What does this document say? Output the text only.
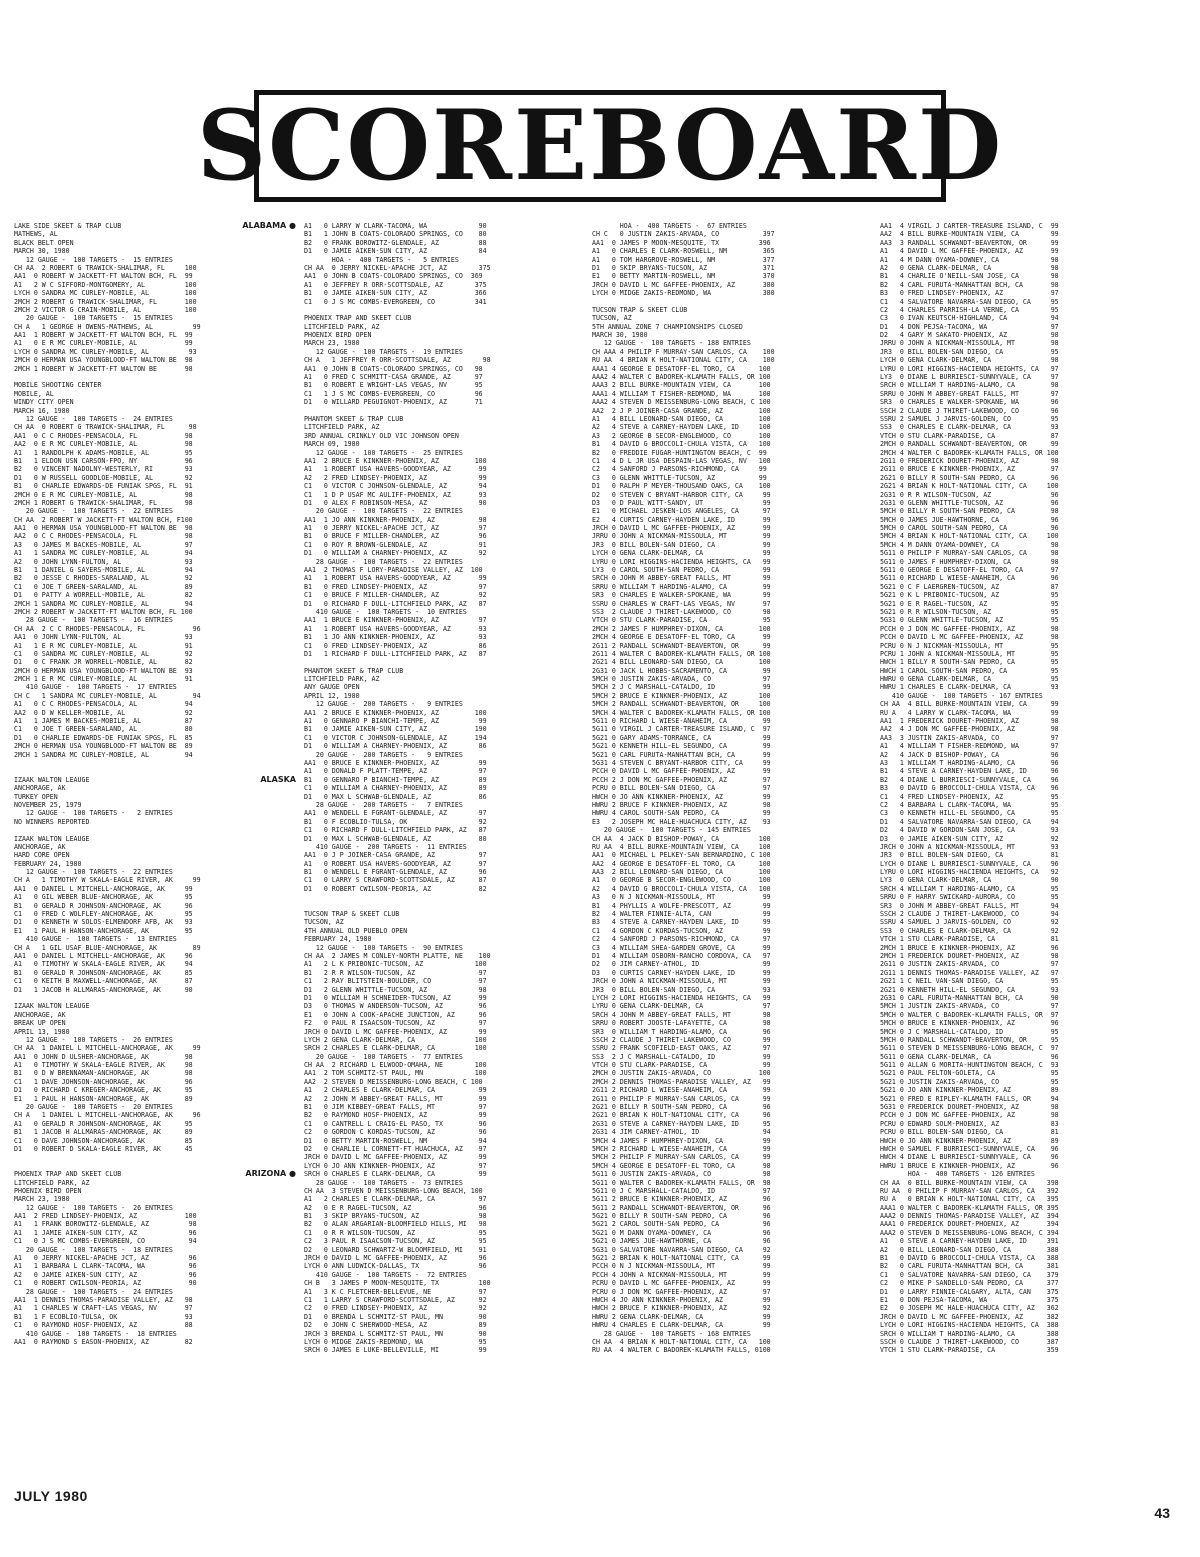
SCOREBOARD
LAKE SIDE SKEET & TRAP CLUB	ALABAMA ●
MATHEWS, AL
BLACK BELT OPEN
MARCH 30, 1980
12 GAUGE -  100 TARGETS -  15 ENTRIES
CH AA  2 ROBERT G TRAWICK-SHALIMAR, FL     100
AA1  0 ROBERT W JACKETT-FT WALTON BCH, FL  99
A1   2 W C SIFFORD-MONTGOMERY, AL          100
LYCH 0 SANDRA MC CURLEY-MOBILE, AL         100
2MCH 2 ROBERT G TRAWICK-SHALIMAR, FL       100
2MCH 2 VICTOR G CRAIN-MOBILE, AL           100
20 GAUGE -  100 TARGETS -  15 ENTRIES
CH A   1 GEORGE H OWENS-MATHEWS, AL          99
AA1  1 ROBERT W JACKETT-FT WALTON BCH, FL  99
A1   0 E R MC CURLEY-MOBILE, AL            99
LYCH 0 SANDRA MC CURLEY-MOBILE, AL          93
2MCH 0 HERMAN USA YOUNGBLOOD-FT WALTON BE  98
2MCH 1 ROBERT W JACKETT-FT WALTON BE       98
MOBILE SHOOTING CENTER
MOBILE, AL
WINDY CITY OPEN
MARCH 16, 1980
12 GAUGE -  100 TARGETS -  24 ENTRIES
CH AA  0 ROBERT G TRAWICK-SHALIMAR, FL      98
AA1  0 C C RHODES-PENSACOLA, FL            98
AA2  0 E R MC CURLEY-MOBILE, AL            98
A1   1 RANDOLPH K ADAMS-MOBILE, AL         95
B1   1 ELDON USN CARSON-FPO, NY            96
B2   0 VINCENT NADOLNY-WESTERLY, RI        93
D1   0 W RUSSELL GOODLOE-MOBILE, AL        92
B1   0 CHARLIE EDWARDS-DE FUNIAK SPGS, FL  91
2MCH 0 E R MC CURLEY-MOBILE, AL            98
2MCH 1 ROBERT G TRAWICK-SHALIMAR, FL       98
20 GAUGE -  100 TARGETS -  22 ENTRIES
CH AA  2 ROBERT W JACKETT-FT WALTON BCH, F100
AA1  0 HERMAN USA YOUNGBLOOD-FT WALTON BE  98
AA2  0 C C RHODES-PENSACOLA, FL            98
A3   0 JAMES M BACKES-MOBILE, AL           97
A1   1 SANDRA MC CURLEY-MOBILE, AL         94
A2   0 JOHN LYNN-FULTON, AL                93
B1   1 DANIEL G SAYERS-MOBILE, AL          94
B2   0 JESSE C RHODES-SARALAND, AL         92
C1   0 JOE T GREEN-SARALAND, AL            89
D1   0 PATTY A WORRELL-MOBILE, AL          82
2MCH 1 SANDRA MC CURLEY-MOBILE, AL         94
2MCH 2 ROBERT W JACKETT-FT WALTON BCH, FL 100
28 GAUGE -  100 TARGETS -  16 ENTRIES
CH AA  2 C C RHODES-PENSACOLA, FL            96
AA1  0 JOHN LYNN-FULTON, AL                93
A1   1 E R MC CURLEY-MOBILE, AL            91
C1   0 SANDRA MC CURLEY-MOBILE, AL         92
D1   0 C FRANK JR WORRELL-MOBILE, AL       82
2MCH 0 HERMAN USA YOUNGBLOOD-FT WALTON BE  93
2MCH 1 E R MC CURLEY-MOBILE, AL            91
410 GAUGE -  100 TARGETS -  17 ENTRIES
CH C   1 SANDRA MC CURLEY-MOBILE, AL         94
A1   0 C C RHODES-PENSACOLA, AL            94
AA2  0 D W KELLER-MOBILE, AL               92
A1   1 JAMES M BACKES-MOBILE, AL           87
C1   0 JOE T GREEN-SARALAND, AL            80
D1   0 CHARLIE EDWARDS-DE FUNIAK SPGS, FL  85
2MCH 0 HERMAN USA YOUNGBLOOD-FT WALTON BE  89
2MCH 1 SANDRA MC CURLEY-MOBILE, AL         94
IZAAK WALTON LEAUGE	ALASKA
ANCHORAGE, AK
TURKEY OPEN
NOVEMBER 25, 1979
12 GAUGE -  100 TARGETS -   2 ENTRIES
NO WINNERS REPORTED
IZAAK WALTON LEAUGE
ANCHORAGE, AK
HARD CORE OPEN
FEBRUARY 24, 1980
12 GAUGE -  100 TARGETS -  22 ENTRIES
CH A   1 TIMOTHY W SKALA-EAGLE RIVER, AK     99
AA1  0 DANIEL L MITCHELL-ANCHORAGE, AK     99
A1   0 GIL WEBER BLUE-ANCHORAGE, AK        95
B1   0 GERALD R JOHNSON-ANCHORAGE, AK      96
C1   0 FRED C WOLFLEY-ANCHORAGE, AK        95
D1   0 KENNETH W SOLOS-ELMENDORF AFB, AK   93
E1   1 PAUL H HANSON-ANCHORAGE, AK         95
410 GAUGE -  100 TARGETS -  13 ENTRIES
CH A   1 GIL USAF BLUE-ANCHORAGE, AK         89
AA1  0 DANIEL L MITCHELL-ANCHORAGE, AK     96
A1   0 TIMOTHY W SKALA-EAGLE RIVER, AK     94
B1   0 GERALD R JOHNSON-ANCHORAGE, AK      85
C1   0 KEITH B MAXWELL-ANCHORAGE, AK       87
D1   1 JACOB H ALLMARAS-ANCHORAGE, AK      90
IZAAK WALTON LEAUGE
ANCHORAGE, AK
BREAK UP OPEN
APRIL 13, 1980
12 GAUGE -  100 TARGETS -  26 ENTRIES
CH AA  1 DANIEL L MITCHELL-ANCHORAGE, AK     99
AA1  0 JOHN D ULSHER-ANCHORAGE, AK         98
A1   0 TIMOTHY W SKALA-EAGLE RIVER, AK     98
B1   0 D W BRENNAMAN-ANCHORAGE, AK         98
C1   1 DAVE JOHNSON-ANCHORAGE, AK          96
D1   0 RICHARD C KREGER-ANCHORAGE, AK      95
E1   1 PAUL H HANSON-ANCHORAGE, AK         89
20 GAUGE -  100 TARGETS -  20 ENTRIES
CH A   1 DANIEL L MITCHELL-ANCHORAGE, AK     96
A1   0 GERALD R JOHNSON-ANCHORAGE, AK      95
B1   1 JACOB H ALLMARAS-ANCHORAGE, AK      89
C1   0 DAVE JOHNSON-ANCHORAGE, AK          85
D1   0 ROBERT D SKALA-EAGLE RIVER, AK      45
PHOENIX TRAP AND SKEET CLUB	ARIZONA ●
LITCHFIELD PARK, AZ
PHOENIX BIRD OPEN
MARCH 23, 1980
12 GAUGE -  100 TARGETS -  26 ENTRIES
AA1  2 FRED LINDSEY-PHOENIX, AZ            100
A1   1 FRANK BOROWITZ-GLENDALE, AZ          98
A1   1 JAMIE AIKEN-SUN CITY, AZ             96
C1   0 J S MC COMBS-EVERGREEN, CO           94
20 GAUGE -  100 TARGETS -  18 ENTRIES
A1   0 JERRY NICKEL-APACHE JCT, AZ          96
A1   1 BARBARA L CLARK-TACOMA, WA           96
A2   0 JAMIE AIKEN-SUN CITY, AZ             96
C1   0 ROBERT CWILSON-PEORIA, AZ            90
28 GAUGE -  100 TARGETS -  24 ENTRIES
AA1  1 DENNIS THOMAS-PARADISE VALLEY, AZ   98
A1   1 CHARLES W CRAFT-LAS VEGAS, NV       97
B1   1 F ECOBLIO-TULSA, OK                 93
C1   0 RAYMOND HOSF-PHOENIX, AZ            88
410 GAUGE -  100 TARGETS -  18 ENTRIES
AA1  0 RAYMOND S EASON-PHOENIX, AZ         82
A1   0 LARRY W CLARK-TACOMA, WA             90
B1   1 JOHN B COATS-COLORADO SPRINGS, CO    80
B2   0 FRANK BOROWITZ-GLENDALE, AZ          88
D1   0 JAMIE AIKEN-SUN CITY, AZ             84
HOA -  400 TARGETS -   5 ENTRIES
CH AA  0 JERRY NICKEL-APACHE JCT, AZ        375
AA1  0 JOHN B COATS-COLORADO SPRINGS, CO  369
A1   0 JEFFREY R ORR-SCOTTSDALE, AZ        375
B1   0 JAMIE AIKEN-SUN CITY, AZ            366
C1   0 J S MC COMBS-EVERGREEN, CO          341
PHOENIX TRAP AND SKEET CLUB
LITCHFIELD PARK, AZ
PHOENIX BIRD OPEN
MARCH 23, 1980
12 GAUGE -  100 TARGETS -  19 ENTRIES
CH A   1 JEFFREY R ORR-SCOTTSDALE, AZ        98
AA1  0 JOHN B COATS-COLORADO SPRINGS, CO   98
A1   0 FRED C SCHMITT-CASA GRANDE, AZ      97
B1   0 ROBERT E WRIGHT-LAS VEGAS, NV       95
C1   1 J S MC COMBS-EVERGREEN, CO          96
D1   0 WILLARD PEGUIGNOT-PHOENIX, AZ       71
PHANTOM SKEET & TRAP CLUB
LITCHFIELD PARK, AZ
3RD ANNUAL CRINKLY OLD VIC JOHNSON OPEN
MARCH 09, 1980
12 GAUGE -  100 TARGETS -  25 ENTRIES
AA1  2 BRUCE E KINKNER-PHOENIX, AZ         100
A1   1 ROBERT USA HAVERS-GOODYEAR, AZ       99
A2   2 FRED LINDSEY-PHOENIX, AZ             99
C1   0 VICTOR C JOHNSON-GLENDALE, AZ        94
C1   1 D P USAF MC AULIFF-PHOENIX, AZ       93
D1   0 ALEX F ROBINSON-MESA, AZ             90
20 GAUGE -  100 TARGETS -  22 ENTRIES
AA1  1 JO ANN KINKNER-PHOENIX, AZ           98
A1   0 JERRY NICKEL-APACHE JCT, AZ          97
B1   0 BRUCE F MILLER-CHANDLER, AZ          96
C1   0 ROY R BROWN-GLENDALE, AZ             91
D1   0 WILLIAM A CHARNEY-PHOENIX, AZ        92
28 GAUGE -  100 TARGETS -  22 ENTRIES
AA1  2 THOMAS F LORY-PARADISE VALLEY, AZ  100
A1   1 ROBERT USA HAVERS-GOODYEAR, AZ       99
B1   0 FRED LINDSEY-PHOENIX, AZ             97
C1   0 BRUCE F MILLER-CHANDLER, AZ          92
D1   0 RICHARD F DULL-LITCHFIELD PARK, AZ   87
410 GAUGE -  100 TARGETS -  10 ENTRIES
AA1  1 BRUCE E KINKNER-PHOENIX, AZ          97
A1   1 ROBERT USA HAVERS-GOODYEAR, AZ       93
B1   1 JO ANN KINKNER-PHOENIX, AZ           93
C1   0 FRED LINDSEY-PHOENIX, AZ             86
D1   1 RICHARD F DULL-LITCHFIELD PARK, AZ   87
PHANTOM SKEET & TRAP CLUB
LITCHFIELD PARK, AZ
ANY GAUGE OPEN
APRIL 12, 1980
12 GAUGE -  200 TARGETS -   9 ENTRIES
AA1  2 BRUCE E KINKNER-PHOENIX, AZ         100
A1   0 GENNARO P BIANCHI-TEMPE, AZ          99
B1   0 JAMIE AIKEN-SUN CITY, AZ            190
C1   0 VICTOR C JOHNSON-GLENDALE, AZ       194
D1   0 WILLIAM A CHARNEY-PHOENIX, AZ        86
20 GAUGE -  200 TARGETS -   9 ENTRIES
AA1  0 BRUCE E KINKNER-PHOENIX, AZ          99
A1   0 DONALD F PLATT-TEMPE, AZ             97
B1   0 GENNARO P BIANCHI-TEMPE, AZ          89
C1   0 WILLIAM A CHARNEY-PHOENIX, AZ        89
D1   0 MAX L SCHWAB-GLENDALE, AZ            86
28 GAUGE -  200 TARGETS -   7 ENTRIES
AA1  0 WENDELL E FGRANT-GLENDALE, AZ        97
B1   0 F ECOBLIO-TULSA, OK                  92
C1   0 RICHARD F DULL-LITCHFIELD PARK, AZ   87
D1   0 MAX L SCHWAB-GLENDALE, AZ            80
410 GAUGE -  200 TARGETS -  11 ENTRIES
AA1  0 J P JOINER-CASA GRANDE, AZ           97
A1   0 ROBERT USA HAVERS-GOODYEAR, AZ       97
B1   0 WENDELL E FGRANT-GLENDALE, AZ        96
C1   0 LARRY S CRAWFORD-SCOTTSDALE, AZ      87
D1   0 ROBERT CWILSON-PEORIA, AZ            82
TUCSON TRAP & SKEET CLUB
TUCSON, AZ
4TH ANNUAL OLD PUEBLO OPEN
FEBRUARY 24, 1980
12 GAUGE -  100 TARGETS -  90 ENTRIES
CH AA  2 JAMES M CONLEY-NORTH PLATTE, NE    100
A1   2 L K PRIBONIC-TUCSON, AZ             100
B1   2 R R WILSON-TUCSON, AZ                97
C1   2 RAY BLITSTEIN-BOULDER, CO            97
D1   2 GLENN WHITTLE-TUCSON, AZ             98
D1   0 WILLIAM H SCHNEIDER-TUCSON, AZ       99
D3   0 THOMAS W ANDERSON-TUCSON, AZ         96
E1   0 JOHN A COOK-APACHE JUNCTION, AZ      96
F2   0 PAUL R ISAACSON-TUCSON, AZ           97
JRCH 0 DAVID L MC GAFFEE-PHOENIX, AZ        99
LYCH 2 GENA CLARK-DELMAR, CA               100
SRCH 2 CHARLES E CLARK-DELMAR, CA          100
20 GAUGE -  100 TARGETS -  77 ENTRIES
CH AA  2 RICHARD L ELWOOD-OMAHA, NE        100
AA1  2 TOM SCHMITZ-ST PAUL, MN             100
AA2  2 STEVEN D MEISSENBURG-LONG BEACH, C 100
A1   2 CHARLES E CLARK-DELMAR, CA           99
A2   2 JOHN M ABBEY-GREAT FALLS, MT         99
B1   0 JIM KIBBEY-GREAT FALLS, MT           97
B2   0 RAYMOND HOSF-PHOENIX, AZ             99
C1   0 CANTRELL L CRAIG-EL PASO, TX         96
C2   0 GORDON C KORDAS-TUCSON, AZ           96
D1   0 BETTY MARTIN-ROSWELL, NM             94
D2   0 CHARLIE L CORNETT-FT HUACHUCA, AZ    97
JRCH 0 DAVID L MC GAFFEE-PHOENIX, AZ        99
LYCH 0 JO ANN KINKNER-PHOENIX, AZ           97
SRCH 0 CHARLES E CLARK-DELMAR, CA           99
28 GAUGE -  100 TARGETS -  73 ENTRIES
CH AA  3 STEVEN D MEISSENBURG-LONG BEACH, 100
A1   2 CHARLES E CLARK-DELMAR, CA           97
A2   0 E R RAGEL-TUCSON, AZ                 96
B1   3 SKIP BRYANS-TUCSON, AZ               98
B2   0 ALAN ARGARIAN-BLOOMFIELD HILLS, MI   98
C1   0 R R WILSON-TUCSON, AZ                95
C2   3 PAUL R ISAACSON-TUCSON, AZ           95
D2   0 LEONARD SCHWARTZ-W BLOOMFIELD, MI    91
JRCH 0 DAVID L MC GAFFEE-PHOENIX, AZ        96
LYCH 0 ANN LUDWICK-DALLAS, TX               96
410 GAUGE -  100 TARGETS -  72 ENTRIES
CH B   3 JAMES P MOON-MESQUITE, TX          100
A1   3 K C FLETCHER-BELLEVUE, NE            97
C1   1 LARRY S CRAWFORD-SCOTTSDALE, AZ      92
C2   0 FRED LINDSEY-PHOENIX, AZ             92
D1   0 BRENDA L SCHMITZ-ST PAUL, MN         90
D2   0 JOHN C SHERWOOD-MESA, AZ             89
JRCH 3 BRENDA L SCHMITZ-ST PAUL, MN         90
LYCH 0 MIDGE ZAKIS-REDMOND, WA              95
SRCH 0 JAMES E LUKE-BELLEVILLE, MI          99
HOA -  400 TARGETS -  67 ENTRIES
CH C   0 JUSTIN ZAKIS-ARVADA, CO           397
AA1  0 JAMES P MOON-MESQUITE, TX          396
A1   0 CHARLES E CLARK-ROSWELL, NM         365
A1   0 TOM HARGROVE-ROSWELL, NM            377
D1   0 SKIP BRYANS-TUCSON, AZ              371
E1   0 BETTY MARTIN-ROSWELL, NM            370
JRCH 0 DAVID L MC GAFFEE-PHOENIX, AZ       380
LYCH 0 MIDGE ZAKIS-REDMOND, WA             380
TUCSON TRAP & SKEET CLUB
TUCSON, AZ
5TH ANNUAL ZONE 7 CHAMPIONSHIPS CLOSED
MARCH 30, 1980
12 GAUGE -  100 TARGETS - 188 ENTRIES
CH AAA 4 PHILIP F MURRAY-SAN CARLOS, CA    100
RU AA  4 BRIAN K HOLT-NATIONAL CITY, CA    100
AAA1 4 GEORGE E DESATOFF-EL TORO, CA      100
AAA2 4 WALTER C BADOREK-KLAMATH FALLS, OR 100
AAA3 2 BILL BURKE-MOUNTAIN VIEW, CA       100
AAA1 4 WILLIAM T FISHER-REDMOND, WA       100
AAA2 4 STEVEN D MEISSENBURG-LONG BEACH, C 100
AA2  2 J P JOINER-CASA GRANDE, AZ         100
A1   4 BILL LEONARD-SAN DIEGO, CA         100
A2   4 STEVE A CARNEY-HAYDEN LAKE, ID     100
A3   2 GEORGE B SECOR-ENGLEWOOD, CO       100
B1   4 DAVID G BROCCOLI-CHULA VISTA, CA   100
B2   0 FREDDIE FUGAR-HUNTINGTON BEACH, C  99
C1   4 D L JR USA DESPAIN-LAS VEGAS, NV   100
C2   4 SANFORD J PARSONS-RICHMOND, CA     99
C3   0 GLENN WHITTLE-TUCSON, AZ           99
D1   0 RALPH P MEYER-THOUSAND OAKS, CA    100
D2   0 STEVEN C BRYANT-HARBOR CITY, CA     99
D3   0 D PAUL WITT-SANDY, UT               99
E1   0 MICHAEL JESKEN-LOS ANGELES, CA      97
E2   4 CURTIS CARNEY-HAYDEN LAKE, ID       99
JRCH 0 DAVID L MC GAFFEE-PHOENIX, AZ       99
JRRU 0 JOHN A NICKMAN-MISSOULA, MT         99
JR3  0 BILL BOLEN-SAN DIEGO, CA            99
LYCH 0 GENA CLARK-DELMAR, CA               99
LYRU 0 LORI HIGGINS-HACIENDA HEIGHTS, CA   99
LY3  0 CAROL SOUTH-SAN PEDRO, CA           99
SRCH 0 JOHN M ABBEY-GREAT FALLS, MT        99
SRRU 0 WILLIAM T HARDING-ALAMO, CA         99
SR3  0 CHARLES E WALKER-SPOKANE, WA        99
SSRU 0 CHARLES W CRAFT-LAS VEGAS, NV       97
SS3  2 CLAUDE J THIRET-LAKEWOOD, CO        98
VTCH 0 STU CLARK-PARADISE, CA              95
2MCH 2 JAMES F HUMPHREY-DIXON, CA         100
2MCH 4 GEORGE E DESATOFF-EL TORO, CA       99
2G11 2 RANDALL SCHWANDT-BEAVERTON, OR      99
2G11 4 WALTER C BADOREK-KLAMATH FALLS, OR 100
2G21 4 BILL LEONARD-SAN DIEGO, CA         100
2G31 0 JACK L HOBBS-SACRAMENTO, CA         99
5MCH 0 JUSTIN ZAKIS-ARVADA, CO             97
5MCH 2 J C MARSHALL-CATALDO, ID            99
5MCH 2 BRUCE E KINKNER-PHOENIX, AZ        100
5MCH 2 RANDALL SCHWANDT-BEAVERTON, OR     100
5MCH 4 WALTER C BADOREK-KLAMATH FALLS, OR 100
5G11 0 RICHARD L WIESE-ANAHEIM, CA         99
5G11 0 VIRGIL J CARTER-TREASURE ISLAND, C  97
5G21 0 GARY ADAMS-TORRANCE, CA             99
5G21 0 KENNETH HILL-EL SEGUNDO, CA         99
5G21 0 CARL FURUTA-MANHATTAN BCH, CA       99
5G31 4 STEVEN C BRYANT-HARBOR CITY, CA     99
PCCH 0 DAVID L MC GAFFEE-PHOENIX, AZ       99
PCCH 2 J DON MC GAFFEE-PHOENIX, AZ         97
PCRU 0 BILL BOLEN-SAN DIEGO, CA            97
HWCH 0 JO ANN KINKNER-PHOENIX, AZ          99
HWRU 2 BRUCE F KINKNER-PHOENIX, AZ         98
HWRU 4 CAROL SOUTH-SAN PEDRO, CA           99
E3   2 JOSEPH MC HALE-HUACHUCA CITY, AZ    93
20 GAUGE -  100 TARGETS - 145 ENTRIES
CH AA  4 JACK D BISHOP-POWAY, CA          100
RU AA  4 BILL BURKE-MOUNTAIN VIEW, CA     100
AA1  0 MICHAEL L PELKEY-SAN BERNARDINO, C 100
AA2  4 GEORGE E DESATOFF-EL TORO, CA      100
AA3  2 BILL LEONARD-SAN DIEGO, CA         100
A1   0 GEORGE B SECOR-ENGLEWOOD, CO       100
A2   4 DAVID G BROCCOLI-CHULA VISTA, CA   100
A3   0 N J NICKMAN-MISSOULA, MT            99
B1   4 PHYLLIS A WOLFE-PRESCOTT, AZ        99
B2   4 WALTER FINNIE-ALTA, CAN             99
B3   4 STEVE A CARNEY-HAYDEN LAKE, ID      99
C1   4 GORDON C KORDAS-TUCSON, AZ          99
C2   4 SANFORD J PARSONS-RICHMOND, CA      97
C3   4 WILLIAM SHEA-GARDEN GROVE, CA       99
D1   4 WILLIAM OSBORN-RANCHO CORDOVA, CA   97
D2   0 JIM CARNEY-ATHOL, ID                99
D3   0 CURTIS CARNEY-HAYDEN LAKE, ID       99
JRCH 0 JOHN A NICKMAN-MISSOULA, MT         99
JR3  0 BILL BOLEN-SAN DIEGO, CA            93
LYCH 2 LORI HIGGINS-HACIENDA HEIGHTS, CA   99
LYRU 0 GENA CLARK-DELMAR, CA               97
SRCH 4 JOHN M ABBEY-GREAT FALLS, MT        98
SRRU 0 ROBERT JOOSTE-LAFAYETTE, CA         98
SR3  0 WILLIAM T HARDING-ALAMO, CA         96
SSCH 2 CLAUDE J THIRET-LAKEWOOD, CO        99
SSRU 2 FRANK SCOFIELD-EAST OAKS, AZ        97
SS3  2 J C MARSHALL-CATALDO, ID            99
VTCH 0 STU CLARK-PARADISE, CA              99
2MCH 0 JUSTIN ZAKIS-ARVADA, CO            100
2MCH 2 DENNIS THOMAS-PARADISE VALLEY, AZ   99
2G11 2 RICHARD L WIESE-ANAHEIM, CA         99
2G11 0 PHILIP F MURRAY-SAN CARLOS, CA      99
2G21 0 BILLY R SOUTH-SAN PEDRO, CA         96
2G21 0 BRIAN K HOLT-NATIONAL CITY, CA      96
2G31 0 STEVE A CARNEY-HAYDEN LAKE, ID      95
2G31 4 JIM CARNEY-ATHOL, ID                94
5MCH 4 JAMES F HUMPHREY-DIXON, CA          99
5MCH 2 RICHARD L WIESE-ANAHEIM, CA         99
5MCH 2 PHILIP F MURRAY-SAN CARLOS, CA      99
5MCH 4 GEORGE E DESATOFF-EL TORO, CA       98
5G11 0 JUSTIN ZAKIS-ARVADA, CO             98
5G11 0 WALTER C BADOREK-KLAMATH FALLS, OR  98
5G11 0 J C MARSHALL-CATALDO, ID            97
5G11 2 BRUCE E KINKNER-PHOENIX, AZ         96
5G11 2 RANDALL SCHWANDT-BEAVERTON, OR      96
5G21 0 BILLY R SOUTH-SAN PEDRO, CA         96
5G21 2 CAROL SOUTH-SAN PEDRO, CA           96
5G21 0 M DANN OYAMA-DOWNEY, CA             96
5G21 0 JAMES JUE-HAWTHORNE, CA             96
5G31 0 SALVATORE NAVARRA-SAN DIEGO, CA     92
5G21 2 BRIAN K HOLT-NATIONAL CITY, CA      99
PCCH 0 N J NICKMAN-MISSOULA, MT            99
PCCH 4 JOHN A NICKMAN-MISSOULA, MT         99
PCRU 0 DAVID L MC GAFFEE-PHOENIX, AZ       99
PCRU 0 J DON MC GAFFEE-PHOENIX, AZ         97
HWCH 4 JO ANN KINKNER-PHOENIX, AZ          99
HWCH 2 BRUCE F KINKNER-PHOENIX, AZ         92
HWRU 2 GENA CLARK-DELMAR, CA               99
HWRU 4 CHARLES E CLARK-DELMAR, CA          99
28 GAUGE -  100 TARGETS - 168 ENTRIES
CH AA  4 BRIAN K HOLT-NATIONAL CITY, CA   100
RU AA  4 WALTER C BADOREK-KLAMATH FALLS, 0100
AA1  4 VIRGIL J CARTER-TREASURE ISLAND, C  99
AA2  4 BILL BURKE-MOUNTAIN VIEW, CA        99
AA3  3 RANDALL SCHWANDT-BEAVERTON, OR      99
A1   4 DAVID L MC GAFFEE-PHOENIX, AZ       99
A1   4 M DANN OYAMA-DOWNEY, CA             98
A2   0 GENA CLARK-DELMAR, CA               98
B1   4 CHARLIE O'NEILL-SAN JOSE, CA        98
B2   4 CARL FURUTA-MANHATTAN BCH, CA       98
B3   0 FRED LINDSEY-PHOENIX, AZ            97
C1   4 SALVATORE NAVARRA-SAN DIEGO, CA     95
C2   4 CHARLES PARRISH-LA VERNE, CA        95
C3   0 IVAN KEUTSCH-HIGHLAND, CA           94
D1   4 DON PEJSA-TACOMA, WA                97
D2   4 GARY M SAKATO-PHOENIX, AZ           98
JRRU 0 JOHN A NICKMAN-MISSOULA, MT         98
JR3  0 BILL BOLEN-SAN DIEGO, CA            95
LYCH 0 GENA CLARK-DELMAR, CA               98
LYRU 0 LORI HIGGINS-HACIENDA HEIGHTS, CA   97
LY3  0 DIANE L BURRIESCI-SUNNYVALE, CA     97
SRCH 0 WILLIAM T HARDING-ALAMO, CA         98
SRRU 0 JOHN M ABBEY-GREAT FALLS, MT        97
SR3  0 CHARLES E WALKER-SPOKANE, WA        96
SSCH 2 CLAUDE J THIRET-LAKEWOOD, CO        96
SSRU 2 SAMUEL J JARVIS-GOLDEN, CO          95
SS3  0 CHARLES E CLARK-DELMAR, CA          93
VTCH 0 STU CLARK-PARADISE, CA              87
2MCH 0 RANDALL SCHWANDT-BEAVERTON, OR      99
2MCH 4 WALTER C BADOREK-KLAMATH FALLS, OR 100
2G11 0 FREDERICK DOURET-PHOENIX, AZ        98
2G11 0 BRUCE E KINKNER-PHOENIX, AZ         97
2G21 0 BILLY R SOUTH-SAN PEDRO, CA         96
2G21 4 BRIAN K HOLT-NATIONAL CITY, CA     100
2G31 0 R R WILSON-TUCSON, AZ               96
2G31 0 GLENN WHITTLE-TUCSON, AZ            96
5MCH 0 BILLY R SOUTH-SAN PEDRO, CA         98
5MCH 0 JAMES JUE-HAWTHORNE, CA             96
5MCH 0 CAROL SOUTH-SAN PEDRO, CA           96
5MCH 4 BRIAN K HOLT-NATIONAL CITY, CA     100
5MCH 4 M DANN OYAMA-DOWNEY, CA             98
5G11 0 PHILIP F MURRAY-SAN CARLOS, CA      98
5G11 0 JAMES F HUMPHREY-DIXON, CA          98
5G11 0 GEORGE E DESATOFF-EL TORO, CA       97
5G11 0 RICHARD L WIESE-ANAHEIM, CA         96
5G21 0 C F LAERGREN-TUCSON, AZ             87
5G21 0 K L PRIBONIC-TUCSON, AZ             95
5G21 0 E R RAGEL-TUCSON, AZ                95
5G21 0 R R WILSON-TUCSON, AZ               95
5G31 0 GLENN WHITTLE-TUCSON, AZ            95
PCCH 0 J DON MC GAFFEE-PHOENIX, AZ         98
PCCH 0 DAVID L MC GAFFEE-PHOENIX, AZ       98
PCRU 0 N J NICKMAN-MISSOULA, MT            95
PCRU 1 JOHN A NICKMAN-MISSOULA, MT         95
HWCH 1 BILLY R SOUTH-SAN PEDRO, CA         95
HWCH 1 CAROL SOUTH-SAN PEDRO, CA           95
HWRU 0 GENA CLARK-DELMAR, CA               95
HWRU 1 CHARLES E CLARK-DELMAR, CA          93
410 GAUGE -  100 TARGETS - 167 ENTRIES
CH AA  4 BILL BURKE-MOUNTAIN VIEW, CA      99
RU A   4 LARRY W CLARK-TACOMA, WA          99
AA1  1 FREDERICK DOURET-PHOENIX, AZ        98
AA2  4 J DON MC GAFFEE-PHOENIX, AZ         98
AA3  3 JUSTIN ZAKIS-ARVADA, CO             97
A1   4 WILLIAM T FISHER-REDMOND, WA        97
A2   4 JACK D BISHOP-POWAY, CA             96
A3   1 WILLIAM T HARDING-ALAMO, CA         96
B1   4 STEVE A CARNEY-HAYDEN LAKE, ID      96
B2   4 DIANE L BURRIESCI-SUNNYVALE, CA     96
B3   0 DAVID G BROCCOLI-CHULA VISTA, CA    96
C1   4 FRED LINDSEY-PHOENIX, AZ            95
C2   4 BARBARA L CLARK-TACOMA, WA          95
C3   0 KENNETH HILL-EL SEGUNDO, CA         95
D1   4 SALVATORE NAVARRA-SAN DIEGO, CA     94
D2   4 DAVID W GORDON-SAN JOSE, CA         93
D3   0 JAMIE AIKEN-SUN CITY, AZ            92
JRCH 0 JOHN A NICKMAN-MISSOULA, MT         93
JR3  0 BILL BOLEN-SAN DIEGO, CA            81
LYCH 0 DIANE L BURRIESCI-SUNNYVALE, CA     96
LYRU 0 LORI HIGGINS-HACIENDA HEIGHTS, CA   92
LY3  0 GENA CLARK-DELMAR, CA               90
SRCH 4 WILLIAM T HARDING-ALAMO, CA         95
SRRU 0 F HARRY SWICKARD-AURORA, CO         95
SR3  0 JOHN M ABBEY-GREAT FALLS, MT        94
SSCH 2 CLAUDE J THIRET-LAKEWOOD, CO        94
SSRU 4 SAMUEL J JARVIS-GOLDEN, CO          92
SS3  0 CHARLES E CLARK-DELMAR, CA          92
VTCH 1 STU CLARK-PARADISE, CA              81
2MCH 1 BRUCE E KINKNER-PHOENIX, AZ         96
2MCH 1 FREDERICK DOURET-PHOENIX, AZ        98
2G11 0 JUSTIN ZAKIS-ARVADA, CO             97
2G11 1 DENNIS THOMAS-PARADISE VALLEY, AZ   97
2G21 1 C NEIL VAN-SAN DIEGO, CA            95
2G21 0 KENNETH HILL-EL SEGUNDO, CA         93
2G31 0 CARL FURUTA-MANHATTAN BCH, CA       90
5MCH 1 JUSTIN ZAKIS-ARVADA, CO             97
5MCH 0 WALTER C BADOREK-KLAMATH FALLS, OR  97
5MCH 0 BRUCE E KINKNER-PHOENIX, AZ         96
5MCH 0 J C MARSHALL-CATALDO, ID            95
5MCH 0 RANDALL SCHWANDT-BEAVERTON, OR      95
5G11 0 STEVEN D MEISSENBURG-LONG BEACH, C  97
5G11 0 GENA CLARK-DELMAR, CA               96
5G11 0 ALLAN G MORITA-HUNTINGTON BEACH, C  93
5G21 0 PAUL FELTON-GOLETA, CA              95
5G21 0 JUSTIN ZAKIS-ARVADA, CO             95
5G21 0 JO ANN KINKNER-PHOENIX, AZ          89
5G21 0 FRED E RIPLEY-KLAMATH FALLS, OR     94
5G31 0 FREDERICK DOURET-PHOENIX, AZ        98
PCCH 0 J DON MC GAFFEE-PHOENIX, AZ         98
PCRU 0 EDWARD SOLM-PHOENIX, AZ             83
PCRU 0 BILL BOLEN-SAN DIEGO, CA            81
HWCH 0 JO ANN KINKNER-PHOENIX, AZ          89
HWCH 0 SAMUEL F BURRIESCI-SUNNYVALE, CA    96
HWCH 4 DIANE L BURRIESCI-SUNNYVALE, CA     96
HWRU 1 BRUCE E KINKNER-PHOENIX, AZ         96
HOA -  400 TARGETS - 126 ENTRIES
CH AA  0 BILL BURKE-MOUNTAIN VIEW, CA     398
RU AA  0 PHILIP F MURRAY-SAN CARLOS, CA   392
RU A   0 BRIAN K HOLT-NATIONAL CITY, CA   395
AAA1 0 WALTER C BADOREK-KLAMATH FALLS, OR 395
AAA2 0 DENNIS THOMAS-PARADISE VALLEY, AZ  394
AAA1 0 FREDERICK DOURET-PHOENIX, AZ       394
AAA2 0 STEVEN D MEISSENBURG-LONG BEACH, C 394
A1   0 STEVE A CARNEY-HAYDEN LAKE, ID     391
A2   0 BILL LEONARD-SAN DIEGO, CA         388
B1   0 DAVID G BROCCOLI-CHULA VISTA, CA   388
B2   0 CARL FURUTA-MANHATTAN BCH, CA      381
C1   0 SALVATORE NAVARRA-SAN DIEGO, CA    379
C2   0 MIKE P SANDELLO-SAN PEDRO, CA      377
D1   0 LARRY FINNIE-CALGARY, ALTA, CAN    375
E1   0 DON PEJSA-TACOMA, WA               375
E2   0 JOSEPH MC HALE-HUACHUCA CITY, AZ   362
JRCH 0 DAVID L MC GAFFEE-PHOENIX, AZ      382
LYCH 0 LORI HIGGINS-HACIENDA HEIGHTS, CA  388
SRCH 0 WILLIAM T HARDING-ALAMO, CA        388
SSCH 0 CLAUDE J THIRET-LAKEWOOD, CO       387
VTCH 1 STU CLARK-PARADISE, CA             359
JULY 1980
43
